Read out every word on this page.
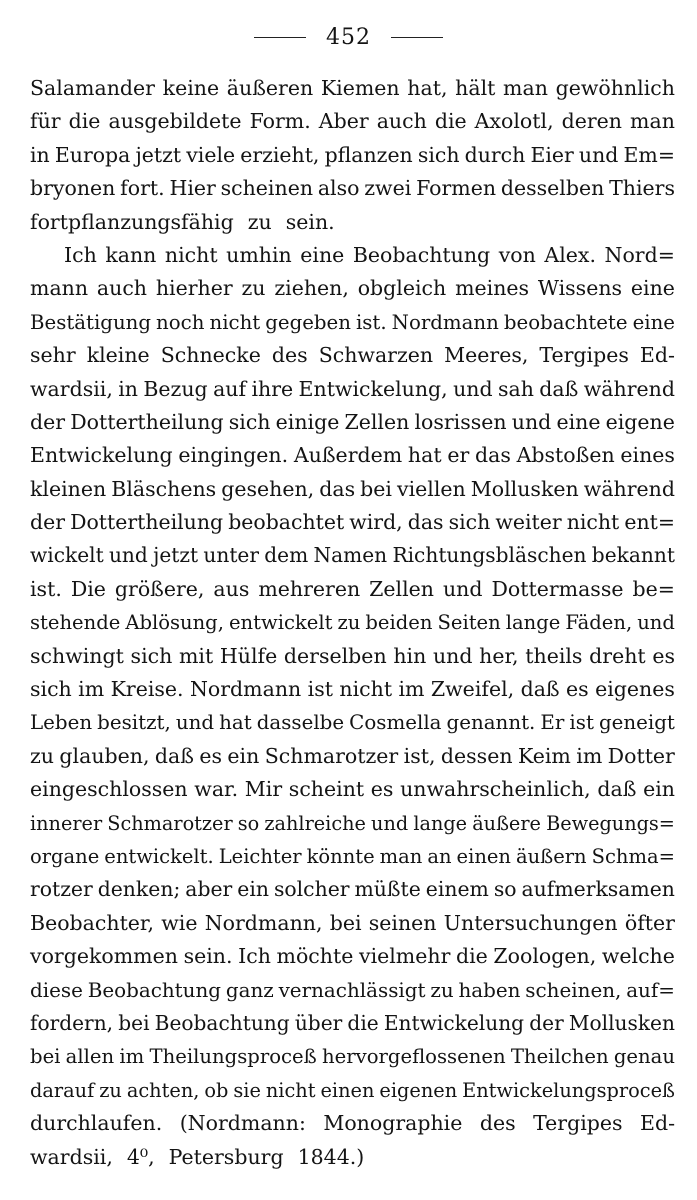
452
Salamander keine äußeren Kiemen hat, hält man gewöhnlich
für die ausgebildete Form. Aber auch die Axolotl, deren man
in Europa jetzt viele erzieht, pflanzen sich durch Eier und Em=
bryonen fort. Hier scheinen also zwei Formen desselben Thiers
fortpflanzungsfähig zu sein.
Ich kann nicht umhin eine Beobachtung von Alex. Nord=
mann auch hierher zu ziehen, obgleich meines Wissens eine
Bestätigung noch nicht gegeben ist. Nordmann beobachtete eine
sehr kleine Schnecke des Schwarzen Meeres, Tergipes Ed-
wardsii, in Bezug auf ihre Entwickelung, und sah daß während
der Dottertheilung sich einige Zellen losrissen und eine eigene
Entwickelung eingingen. Außerdem hat er das Abstoßen eines
kleinen Bläschens gesehen, das bei viellen Mollusken während
der Dottertheilung beobachtet wird, das sich weiter nicht ent=
wickelt und jetzt unter dem Namen Richtungsbläschen bekannt
ist. Die größere, aus mehreren Zellen und Dottermasse be=
stehende Ablösung, entwickelt zu beiden Seiten lange Fäden, und
schwingt sich mit Hülfe derselben hin und her, theils dreht es
sich im Kreise. Nordmann ist nicht im Zweifel, daß es eigenes
Leben besitzt, und hat dasselbe Cosmella genannt. Er ist geneigt
zu glauben, daß es ein Schmarotzer ist, dessen Keim im Dotter
eingeschlossen war. Mir scheint es unwahrscheinlich, daß ein
innerer Schmarotzer so zahlreiche und lange äußere Bewegungs=
organe entwickelt. Leichter könnte man an einen äußern Schma=
rotzer denken; aber ein solcher müßte einem so aufmerksamen
Beobachter, wie Nordmann, bei seinen Untersuchungen öfter
vorgekommen sein. Ich möchte vielmehr die Zoologen, welche
diese Beobachtung ganz vernachlässigt zu haben scheinen, auf=
fordern, bei Beobachtung über die Entwickelung der Mollusken
bei allen im Theilungsproceß hervorgeflossenen Theilchen genau
darauf zu achten, ob sie nicht einen eigenen Entwickelungsproceß
durchlaufen. (Nordmann: Monographie des Tergipes Ed-
wardsii, 4⁰, Petersburg 1844.)
